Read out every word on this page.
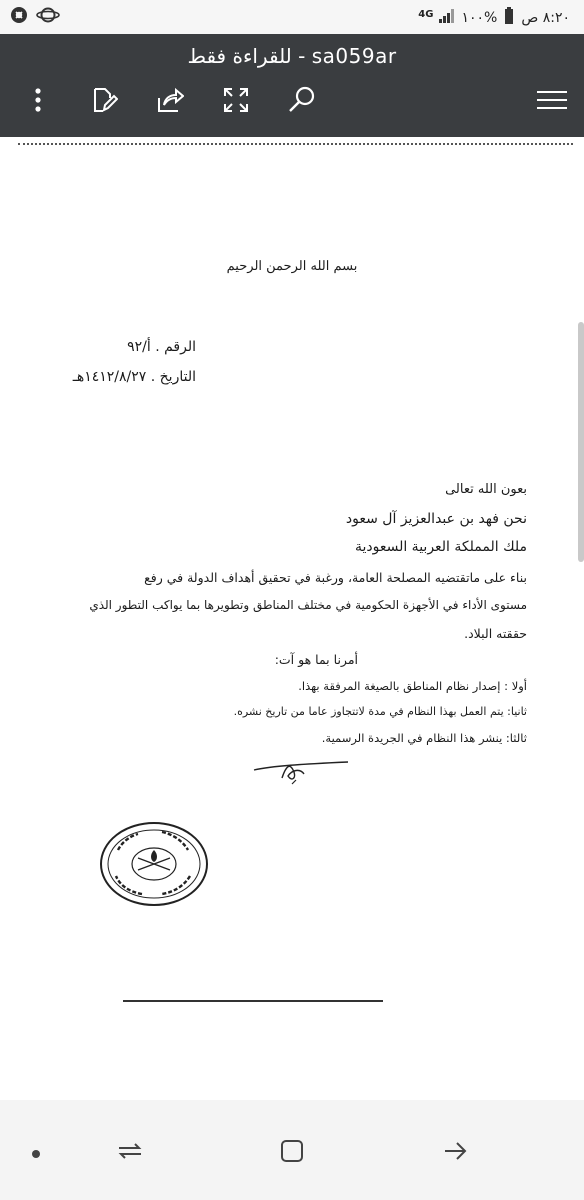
٨:٢٠ ص
%١٠٠
4G
للقراءة فقط - sa059ar
بسم الله الرحمن الرحيم
الرقم . أ/٩٢
التاريخ . ١٤١٢/٨/٢٧هـ
بعون الله تعالى
نحن فهد بن عبدالعزيز آل سعود
ملك المملكة العربية السعودية
بناء على ماتقتضيه المصلحة العامة، ورغبة في تحقيق أهداف الدولة في رفع
مستوى الأداء في الأجهزة الحكومية في مختلف المناطق وتطويرها بما يواكب التطور الذي
حققته البلاد.
أمرنا بما هو آت:
أولا : إصدار نظام المناطق بالصيغة المرفقة بهذا.
ثانيا: يتم العمل بهذا النظام في مدة لاتتجاوز عاما من تاريخ نشره.
ثالثا: ينشر هذا النظام في الجريدة الرسمية.
